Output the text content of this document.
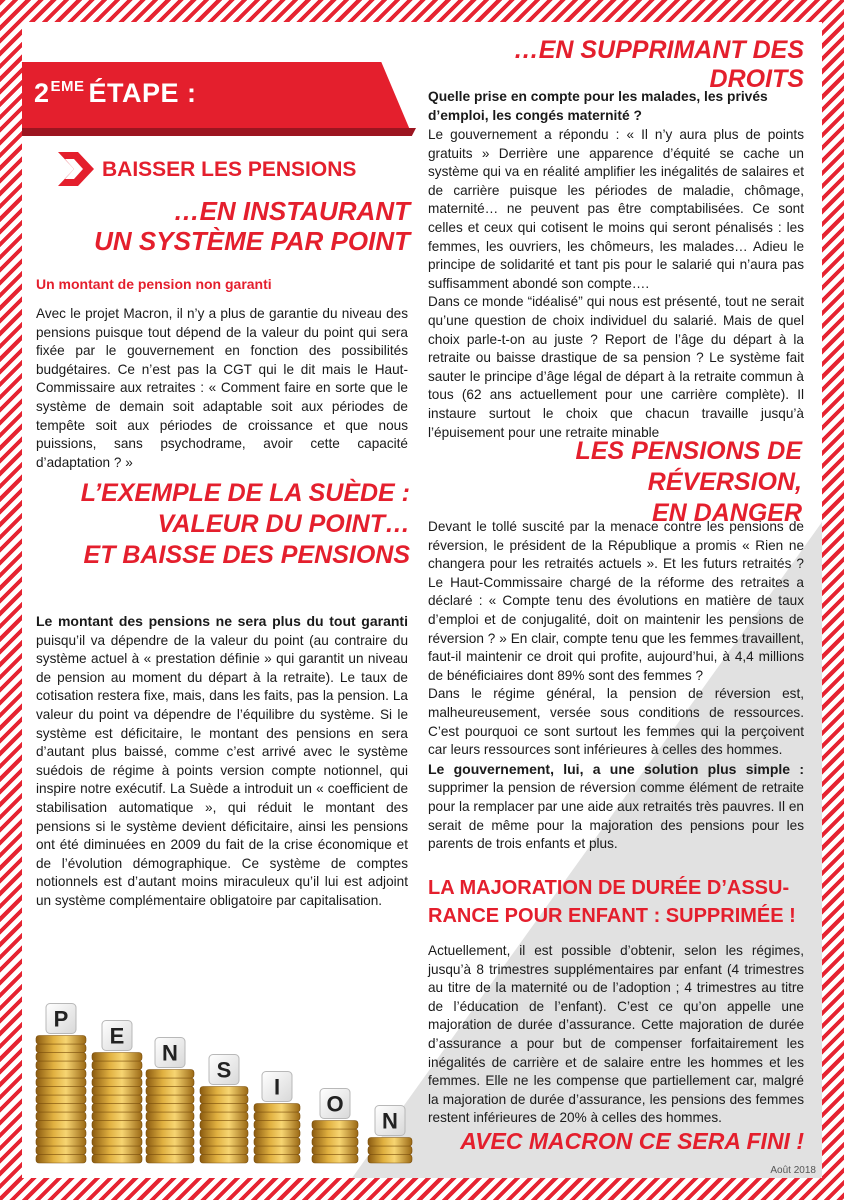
2EME ÉTAPE :
BAISSER LES PENSIONS
…EN INSTAURANT
UN SYSTÈME PAR POINT
Un montant de pension non garanti

Avec le projet Macron, il n’y a plus de garantie du niveau des pensions puisque tout dépend de la valeur du point qui sera fixée par le gouvernement en fonction des possibilités budgétaires. Ce n’est pas la CGT qui le dit mais le Haut-Commissaire aux retraites : « Comment faire en sorte que le système de demain soit adaptable soit aux périodes de tempête soit aux périodes de croissance et que nous puissions, sans psychodrame, avoir cette capacité d’adaptation ? »

L’EXEMPLE DE LA SUÈDE :
VALEUR DU POINT…
ET BAISSE DES PENSIONS
Le montant des pensions ne sera plus du tout garanti puisqu’il va dépendre de la valeur du point (au contraire du système actuel à « prestation définie » qui garantit un niveau de pension au moment du départ à la retraite). Le taux de cotisation restera fixe, mais, dans les faits, pas la pension. La valeur du point va dépendre de l’équilibre du système. Si le système est déficitaire, le montant des pensions en sera d’autant plus baissé, comme c’est arrivé avec le système suédois de régime à points version compte notionnel, qui inspire notre exécutif. La Suède a introduit un « coefficient de stabilisation automatique », qui réduit le montant des pensions si le système devient déficitaire, ainsi les pensions ont été diminuées en 2009 du fait de la crise économique et de l’évolution démographique. Ce système de comptes notionnels est d’autant moins miraculeux qu’il lui est adjoint un système complémentaire obligatoire par capitalisation.
P
E
N
S
I
O
N
…EN SUPPRIMANT DES DROITS
Quelle prise en compte pour les malades, les privés d’emploi, les congés maternité ?

Le gouvernement a répondu : « Il n’y aura plus de points gratuits » Derrière une apparence d’équité se cache un système qui va en réalité amplifier les inégalités de salaires et de carrière puisque les périodes de maladie, chômage, maternité… ne peuvent pas être comptabilisées. Ce sont celles et ceux qui cotisent le moins qui seront pénalisés : les femmes, les ouvriers, les chômeurs, les malades… Adieu le principe de solidarité et tant pis pour le salarié qui n’aura pas suffisamment abondé son compte….

Dans ce monde “idéalisé” qui nous est présenté, tout ne serait qu’une question de choix individuel du salarié. Mais de quel choix parle-t-on au juste ? Report de l’âge du départ à la retraite ou baisse drastique de sa pension ? Le système fait sauter le principe d’âge légal de départ à la retraite commun à tous (62 ans actuellement pour une carrière complète). Il instaure surtout le choix que chacun travaille jusqu’à l’épuisement pour une retraite minable

LES PENSIONS DE RÉVERSION,
EN DANGER

Devant le tollé suscité par la menace contre les pensions de réversion, le président de la République a promis « Rien ne changera pour les retraités actuels ». Et les futurs retraités ? Le Haut-Commissaire chargé de la réforme des retraites a déclaré : « Compte tenu des évolutions en matière de taux d’emploi et de conjugalité, doit on maintenir les pensions de réversion ? » En clair, compte tenu que les femmes travaillent, faut-il maintenir ce droit qui profite, aujourd’hui, à 4,4 millions de bénéficiaires dont 89% sont des femmes ?

Dans le régime général, la pension de réversion est, malheureusement, versée sous conditions de ressources. C’est pourquoi ce sont surtout les femmes qui la perçoivent car leurs ressources sont inférieures à celles des hommes.

Le gouvernement, lui, a une solution plus simple : supprimer la pension de réversion comme élément de retraite pour la remplacer par une aide aux retraités très pauvres. Il en serait de même pour la majoration des pensions pour les parents de trois enfants et plus.

LA MAJORATION DE DURÉE D’ASSU-
RANCE POUR ENFANT : SUPPRIMÉE !

Actuellement, il est possible d’obtenir, selon les régimes, jusqu’à 8 trimestres supplémentaires par enfant (4 trimestres au titre de la maternité ou de l’adoption ; 4 trimestres au titre de l’éducation de l’enfant). C’est ce qu’on appelle une majoration de durée d’assurance. Cette majoration de durée d’assurance a pour but de compenser forfaitairement les inégalités de carrière et de salaire entre les hommes et les femmes. Elle ne les compense que partiellement car, malgré la majoration de durée d’assurance, les pensions des femmes restent inférieures de 20% à celles des hommes.

AVEC MACRON CE SERA FINI !
Août 2018
